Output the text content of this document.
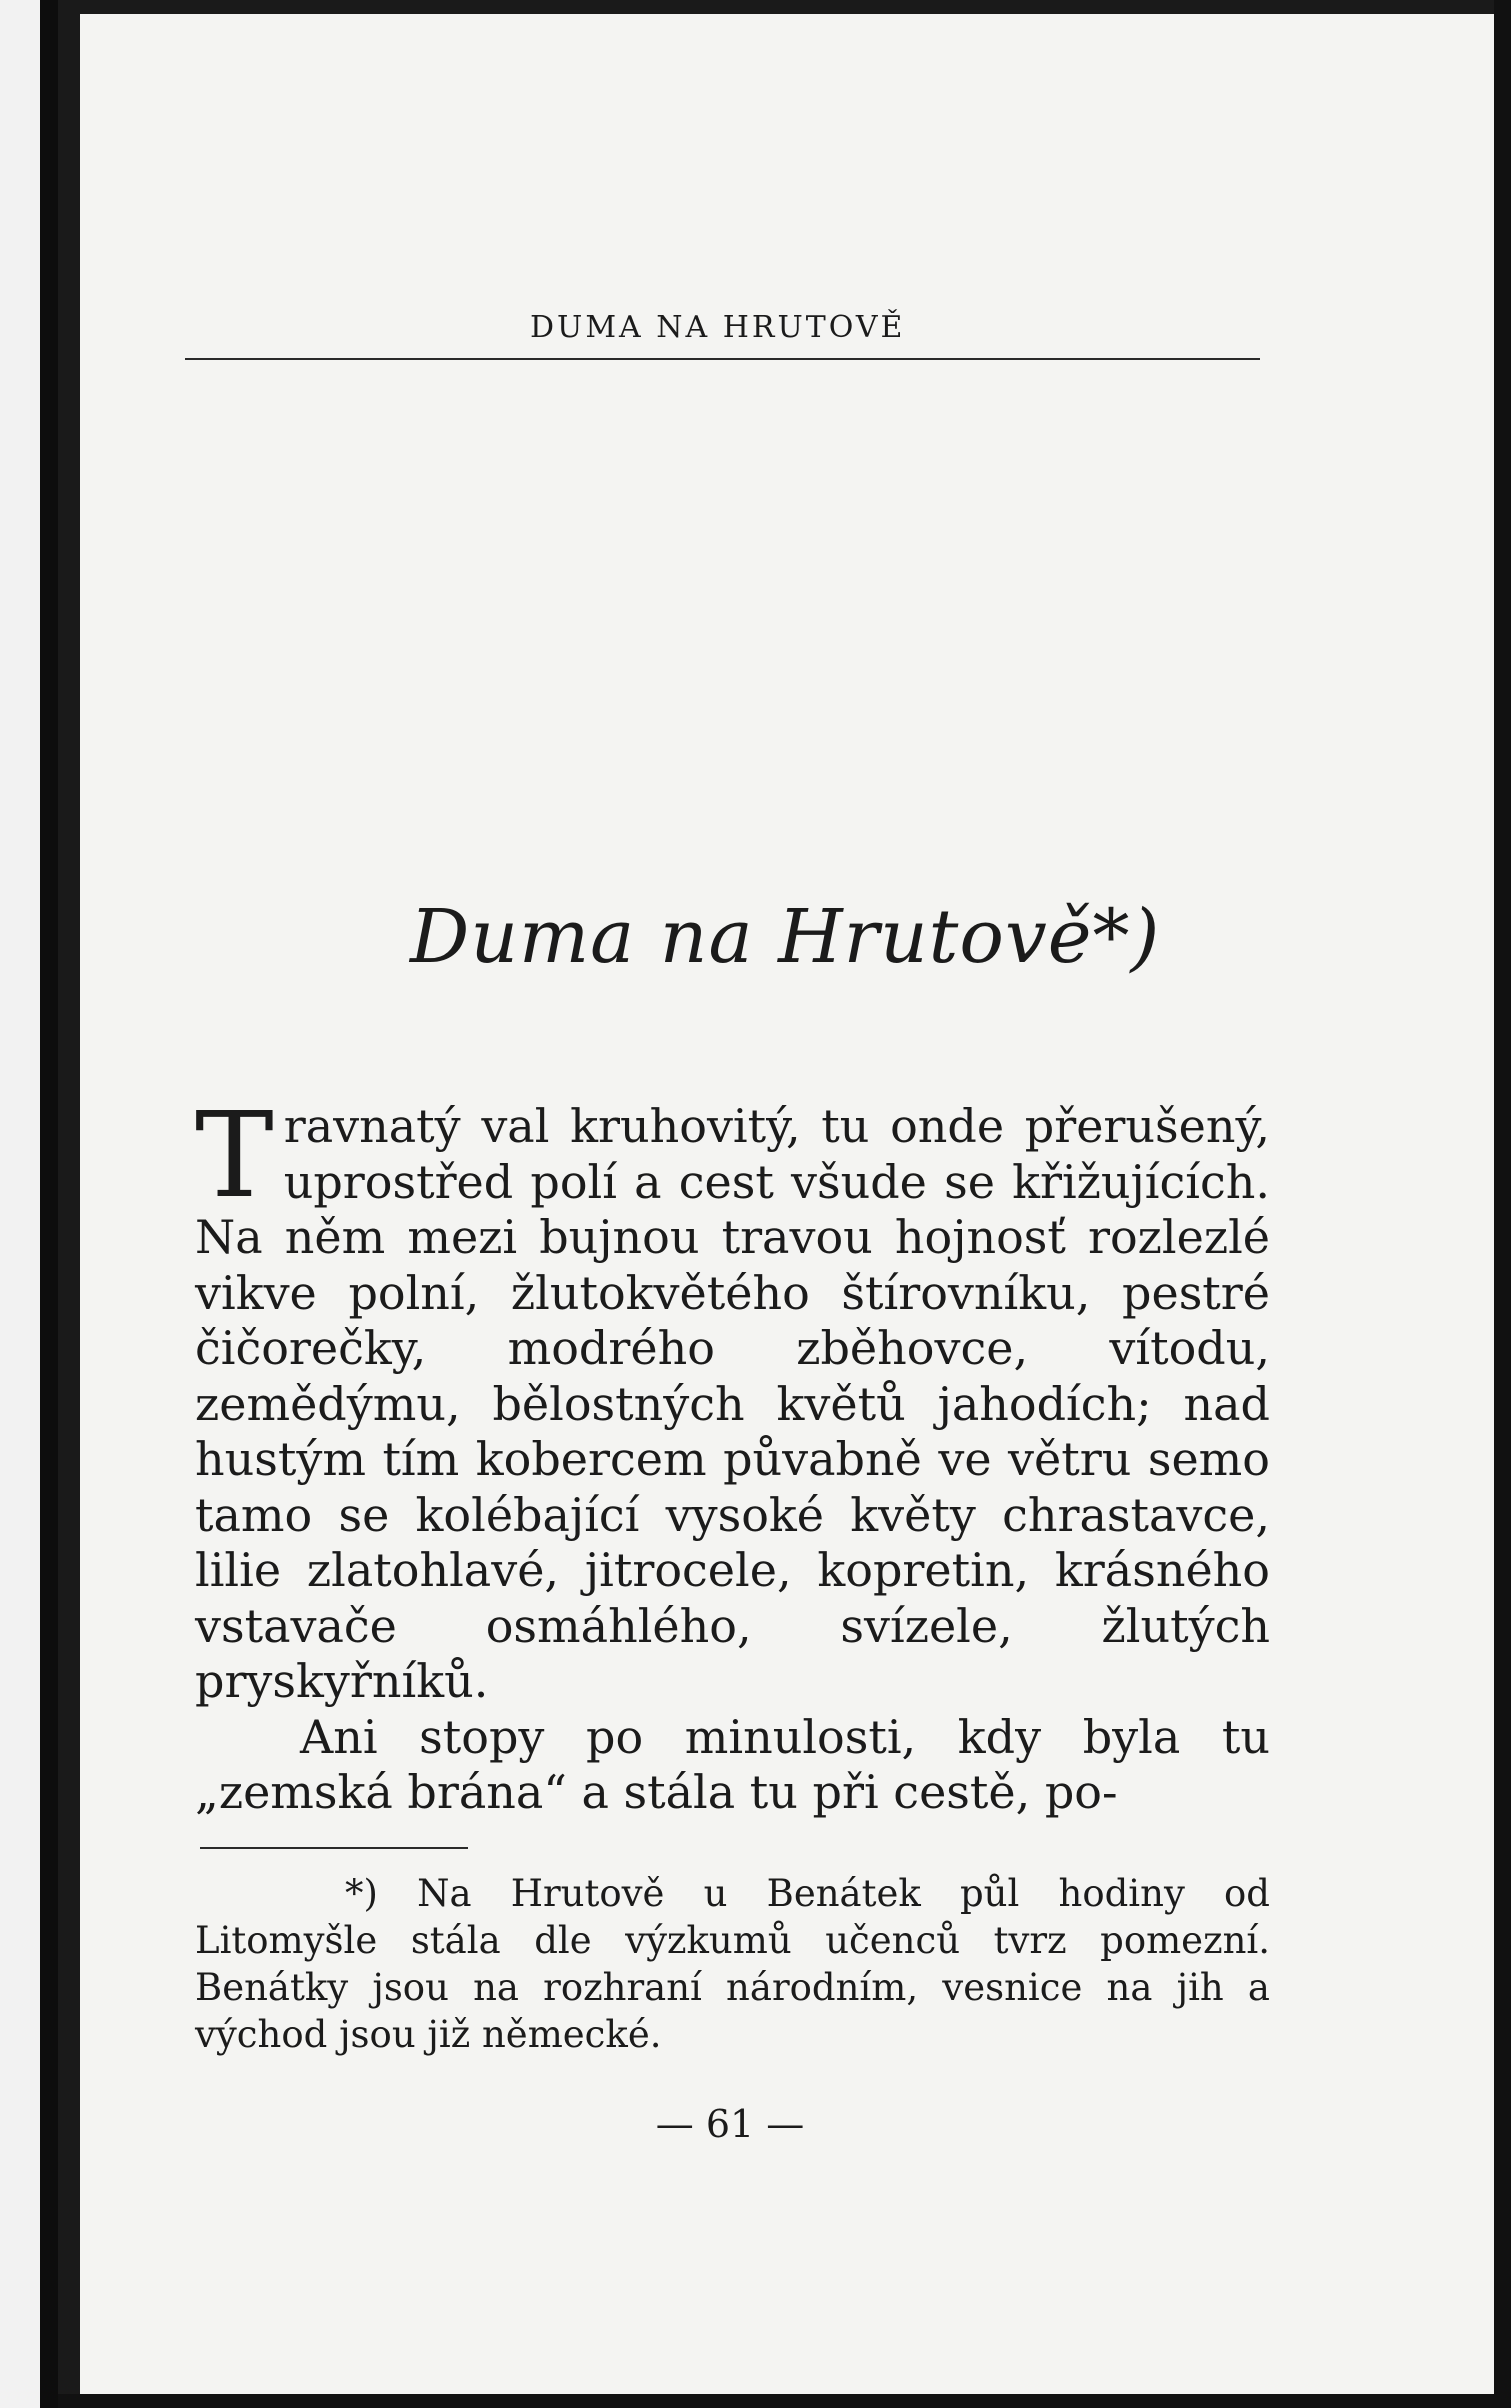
DUMA NA HRUTOVĚ
Duma na Hrutově*)

Travnatý val kruhovitý, tu onde přerušený, uprostřed polí a cest všude se křižujících. Na něm mezi bujnou travou hojnosť rozlezlé vikve polní, žlutokvětého štírovníku, pestré čičorečky, modrého zběhovce, vítodu, zemědýmu, bělostných květů jahodích; nad hustým tím kobercem půvabně ve větru semo tamo se kolébající vysoké květy chrastavce, lilie zlatohlavé, jitrocele, kopretin, krásného vstavače osmáhlého, svízele, žlutých pryskyřníků.

Ani stopy po minulosti, kdy byla tu „zemská brána“ a stála tu při cestě, po-

*) Na Hrutově u Benátek půl hodiny od Litomyšle stála dle výzkumů učenců tvrz pomezní. Benátky jsou na rozhraní národním, vesnice na jih a východ jsou již německé.
— 61 —
